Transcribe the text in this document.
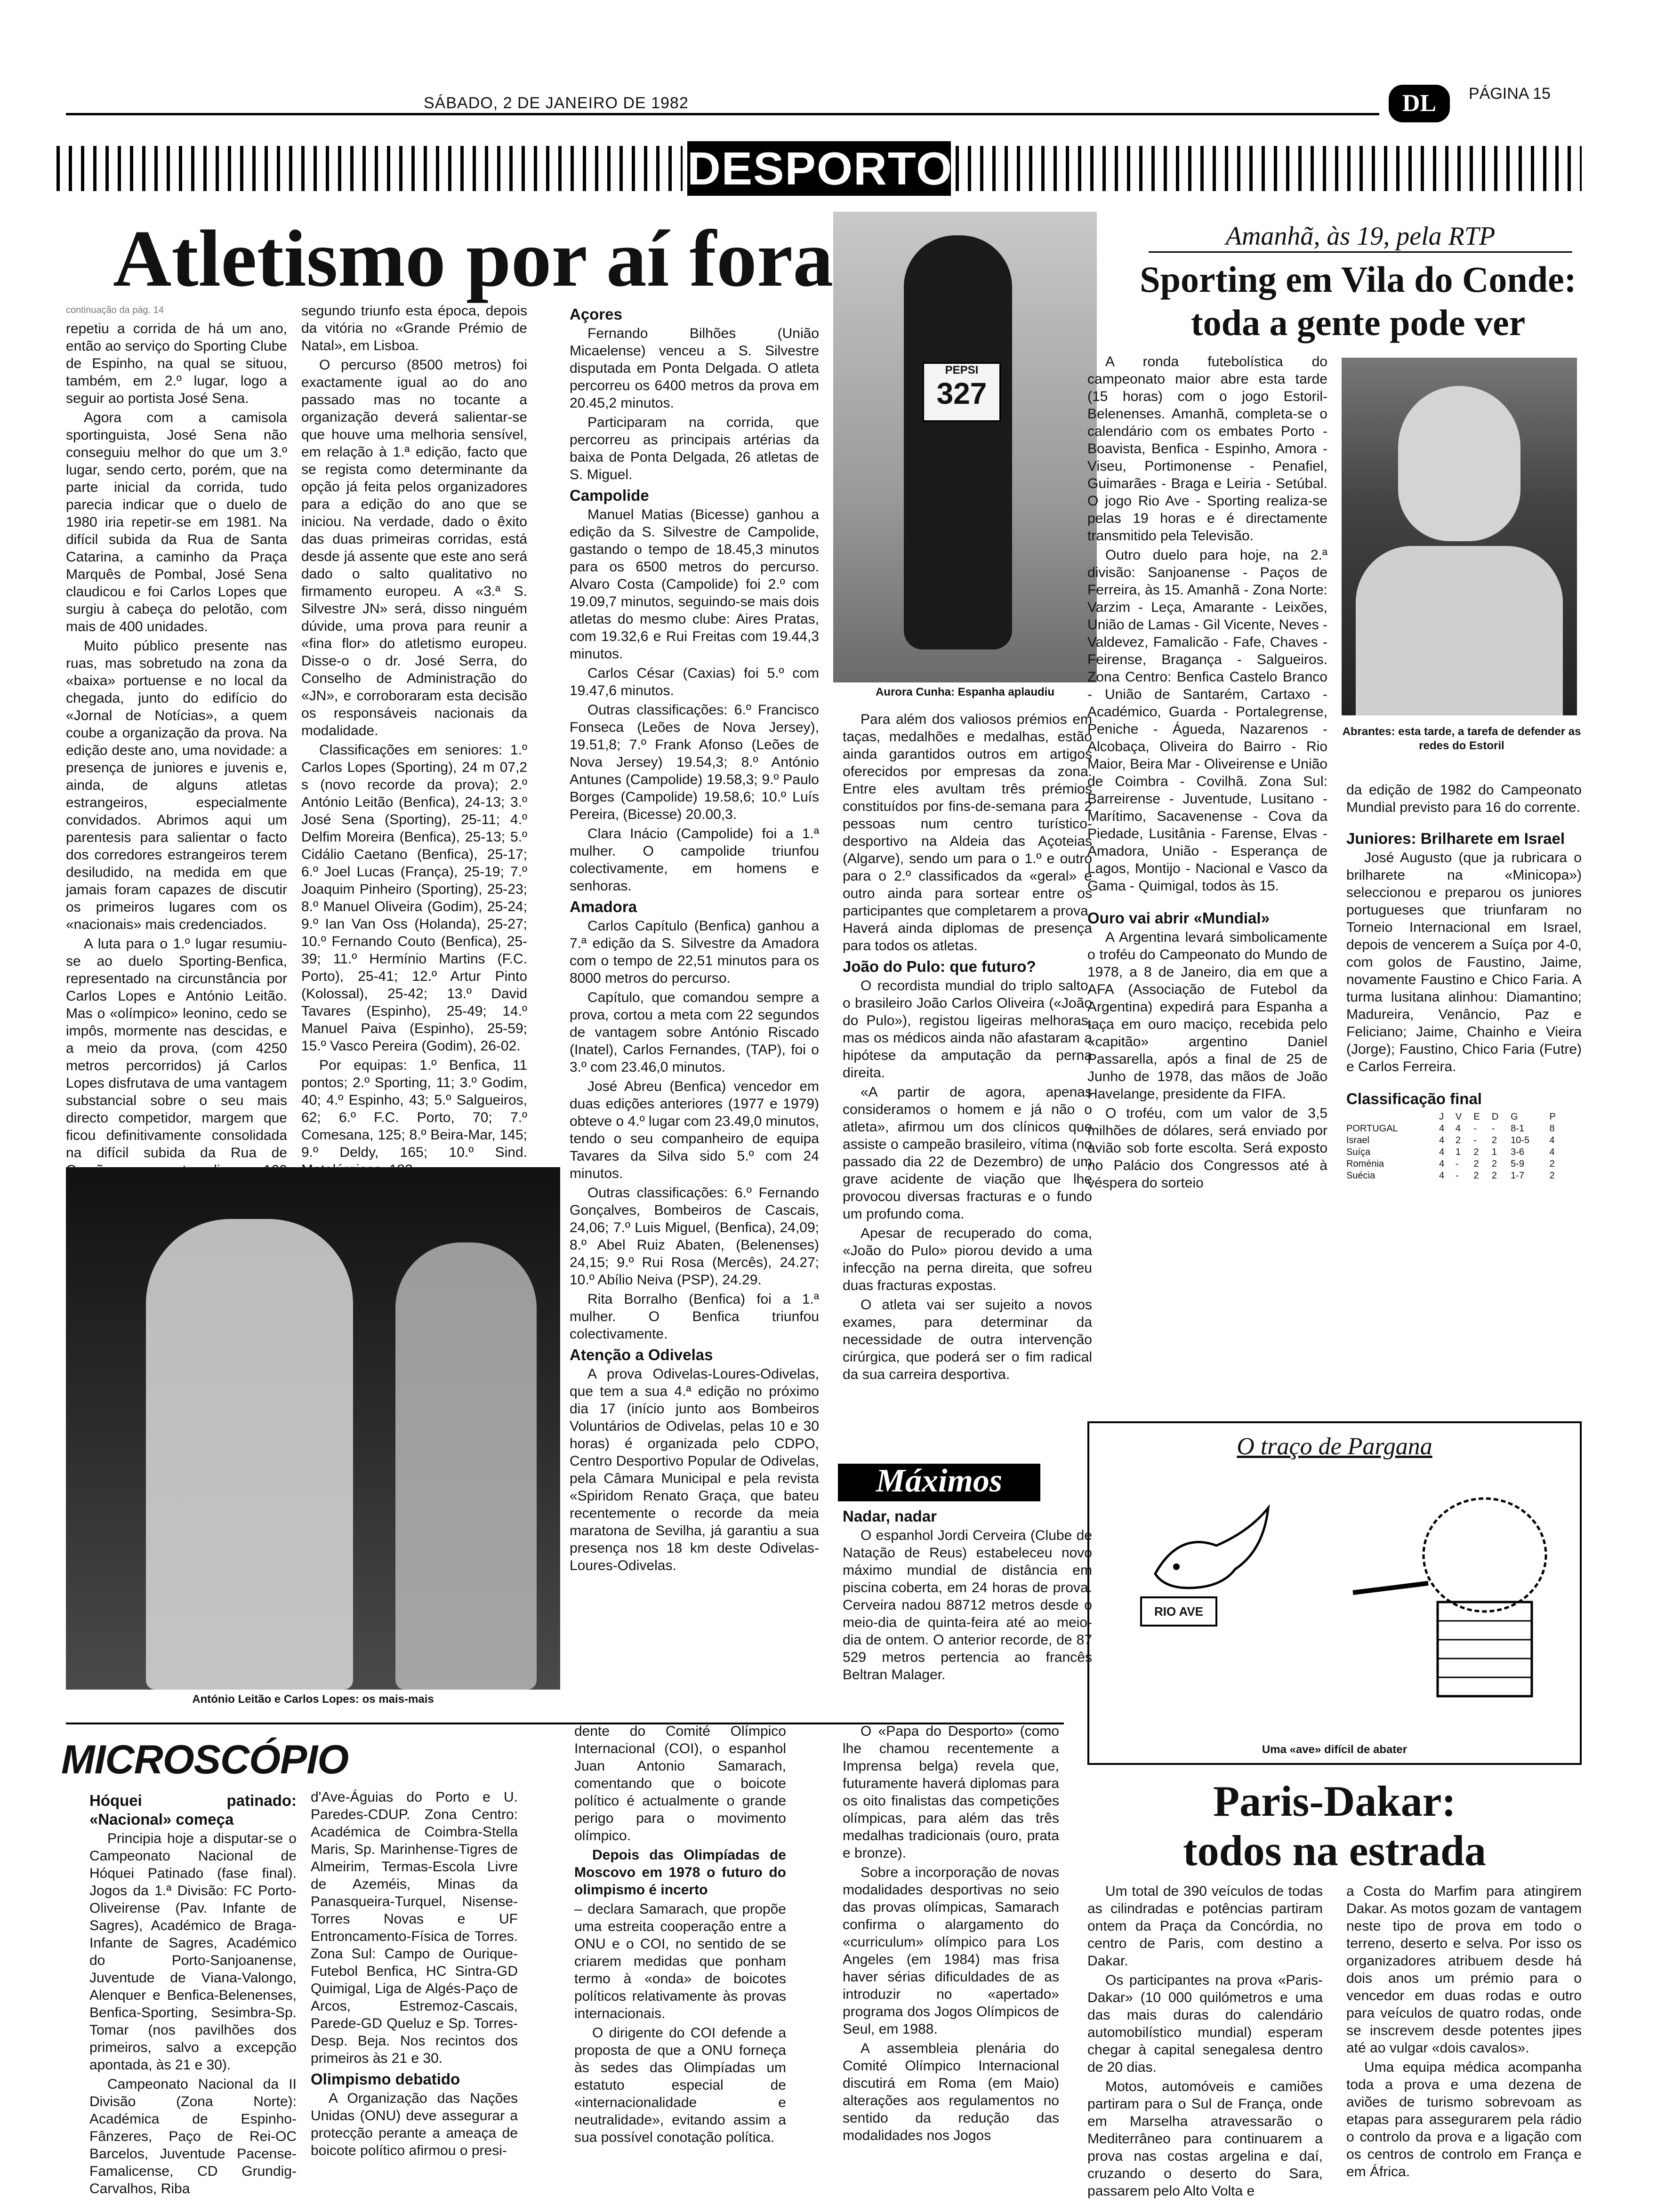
SÁBADO, 2 DE JANEIRO DE 1982	DL	PÁGINA 15
DESPORTO
Atletismo por aí fora
continuação da pág. 14

repetiu a corrida de há um ano, então ao serviço do Sporting Clube de Espinho, na qual se situou, também, em 2.º lugar, logo a seguir ao portista José Sena.

Agora com a camisola sportinguista, José Sena não conseguiu melhor do que um 3.º lugar, sendo certo, porém, que na parte inicial da corrida, tudo parecia indicar que o duelo de 1980 iria repetir-se em 1981. Na difícil subida da Rua de Santa Catarina, a caminho da Praça Marquês de Pombal, José Sena claudicou e foi Carlos Lopes que surgiu à cabeça do pelotão, com mais de 400 unidades.

Muito público presente nas ruas, mas sobretudo na zona da «baixa» portuense e no local da chegada, junto do edifício do «Jornal de Notícias», a quem coube a organização da prova. Na edição deste ano, uma novidade: a presença de juniores e juvenis e, ainda, de alguns atletas estrangeiros, especialmente convidados. Abrimos aqui um parentesis para salientar o facto dos corredores estrangeiros terem desiludido, na medida em que jamais foram capazes de discutir os primeiros lugares com os «nacionais» mais credenciados.

A luta para o 1.º lugar resumiu-se ao duelo Sporting-Benfica, representado na circunstância por Carlos Lopes e António Leitão. Mas o «olímpico» leonino, cedo se impôs, mormente nas descidas, e a meio da prova, (com 4250 metros percorridos) já Carlos Lopes disfrutava de uma vantagem substancial sobre o seu mais directo competidor, margem que ficou definitivamente consolidada na difícil subida da Rua de

segundo triunfo esta época, depois da vitória no «Grande Prémio de Natal», em Lisboa.

O percurso (8500 metros) foi exactamente igual ao do ano passado mas no tocante a organização deverá salientar-se que houve uma melhoria sensível, em relação à 1.ª edição, facto que se regista como determinante da opção já feita pelos organizadores para a edição do ano que se iniciou. Na verdade, dado o êxito das duas primeiras corridas, está desde já assente que este ano será dado o salto qualitativo no firmamento europeu. A «3.ª S. Silvestre JN» será, disso ninguém dúvide, uma prova para reunir a «fina flor» do atletismo europeu. Disse-o o dr. José Serra, do Conselho de Administração do «JN», e corroboraram esta decisão os responsáveis nacionais da modalidade.

Classificações em seniores: 1.º Carlos Lopes (Sporting), 24 m 07,2 s (novo recorde da prova); 2.º António Leitão (Benfica), 24-13; 3.º José Sena (Sporting), 25-11; 4.º Delfim Moreira (Benfica), 25-13; 5.º Cidálio Caetano (Benfica), 25-17; 6.º Joel Lucas (França), 25-19; 7.º Joaquim Pinheiro (Sporting), 25-23; 8.º Manuel Oliveira (Godim), 25-24; 9.º Ian Van Oss (Holanda), 25-27; 10.º Fernando Couto (Benfica), 25-39; 11.º Hermínio Martins (F.C. Porto), 25-41; 12.º Artur Pinto (Kolossal), 25-42; 13.º David Tavares (Espinho), 25-49; 14.º Manuel Paiva (Espinho), 25-59; 15.º Vasco Pereira (Godim), 26-02.

Por equipas: 1.º Benfica, 11 pontos; 2.º Sporting, 11; 3.º Godim, 40; 4.º Espinho, 43; 5.º Salgueiros, 62; 6.º F.C. Porto, 70; 7.º Comesana, 125; 8.º Beira-Mar, 145; 9.º Deldy, 165; 10.º Sind.

Açores

Fernando Bilhões (União Micaelense) venceu a S. Silvestre disputada em Ponta Delgada. O atleta percorreu os 6400 metros da prova em 20.45,2 minutos.

Participaram na corrida, que percorreu as principais artérias da baixa de Ponta Delgada, 26 atletas de S. Miguel.

Campolide

Manuel Matias (Bicesse) ganhou a edição da S. Silvestre de Campolide, gastando o tempo de 18.45,3 minutos para os 6500 metros do percurso. Alvaro Costa (Campolide) foi 2.º com 19.09,7 minutos, seguindo-se mais dois atletas do mesmo clube: Aires Pratas, com 19.32,6 e Rui Freitas com 19.44,3 minutos.

Carlos César (Caxias) foi 5.º com 19.47,6 minutos.

Outras classificações: 6.º Francisco Fonseca (Leões de Nova Jersey), 19.51,8; 7.º Frank Afonso (Leões de Nova Jersey) 19.54,3; 8.º António Antunes (Campolide) 19.58,3; 9.º Paulo Borges (Campolide) 19.58,6; 10.º Luís Pereira, (Bicesse) 20.00,3.

Clara Inácio (Campolide) foi a 1.ª mulher. O campolide triunfou colectivamente, em homens e senhoras.

Amadora

Carlos Capítulo (Benfica) ganhou a 7.ª edição da S. Silvestre da Amadora com o tempo de 22,51 minutos para os 8000 metros do percurso.

Capítulo, que comandou sempre a prova, cortou a meta com 22 segundos de vantagem sobre António Riscado (Inatel), Carlos Fernandes, (TAP), foi o 3.º com 23.46,0 minutos.

José Abreu (Benfica) vencedor em duas edições anteriores (1977 e 1979) obteve o 4.º lugar com 23.49,0 minutos, tendo o seu companheiro de equipa Tavares da Silva sido 5.º com 24 minutos.

Outras classificações: 6.º Fernando Gonçalves, Bombeiros de Cascais, 24,06; 7.º Luis Miguel, (Benfica), 24,09; 8.º Abel Ruiz Abaten, (Belenenses) 24,15; 9.º Rui Rosa (Mercês), 24.27; 10.º Abílio Neiva (PSP), 24.29.

Rita Borralho (Benfica) foi a 1.ª mulher. O Benfica triunfou colectivamente.

Atenção a Odivelas

A prova Odivelas-Loures-Odivelas, que tem a sua 4.ª edição no próximo dia 17 (início junto aos Bombeiros Voluntários de Odivelas, pelas 10 e 30 horas) é organizada pelo CDPO, Centro Desportivo Popular de Odivelas, pela Câmara Municipal e pela revista «Spiridom Renato Graça, que bateu recentemente o recorde da meia maratona de Sevilha, já garantiu a sua presença nos 18 km deste Odivelas-Loures-Odivelas.

PEPSI
327
Aurora Cunha: Espanha aplaudiu

Para além dos valiosos prémios em taças, medalhões e medalhas, estão ainda garantidos outros em artigos oferecidos por empresas da zona. Entre eles avultam três prémios constituídos por fins-de-semana para 2 pessoas num centro turístico-desportivo na Aldeia das Açoteias (Algarve), sendo um para o 1.º e outro para o 2.º classificados da «geral» e outro ainda para sortear entre os participantes que completarem a prova. Haverá ainda diplomas de presença para todos os atletas.

João do Pulo: que futuro?

O recordista mundial do triplo salto, o brasileiro João Carlos Oliveira («João do Pulo»), registou ligeiras melhoras, mas os médicos ainda não afastaram a hipótese da amputação da perna direita.

«A partir de agora, apenas consideramos o homem e já não o atleta», afirmou um dos clínicos que assiste o campeão brasileiro, vítima (no passado dia 22 de Dezembro) de um grave acidente de viação que lhe provocou diversas fracturas e o fundo um profundo coma.

Apesar de recuperado do coma, «João do Pulo» piorou devido a uma infecção na perna direita, que sofreu duas fracturas expostas.

O atleta vai ser sujeito a novos exames, para determinar da necessidade de outra intervenção cirúrgica, que poderá ser o fim radical da sua carreira desportiva.

António Leitão e Carlos Lopes: os mais-mais
Amanhã, às 19, pela RTP
Sporting em Vila do Conde: toda a gente pode ver

A ronda futebolística do campeonato maior abre esta tarde (15 horas) com o jogo Estoril-Belenenses. Amanhã, completa-se o calendário com os embates Porto - Boavista, Benfica - Espinho, Amora - Viseu, Portimonense - Penafiel, Guimarães - Braga e Leiria - Setúbal. O jogo Rio Ave - Sporting realiza-se pelas 19 horas e é directamente transmitido pela Televisão.

Outro duelo para hoje, na 2.ª divisão: Sanjoanense - Paços de Ferreira, às 15. Amanhã - Zona Norte: Varzim - Leça, Amarante - Leixões, União de Lamas - Gil Vicente, Neves - Valdevez, Famalicão - Fafe, Chaves - Feirense, Bragança - Salgueiros. Zona Centro: Benfica Castelo Branco - União de Santarém, Cartaxo - Académico, Guarda - Portalegrense, Peniche - Águeda, Nazarenos - Alcobaça, Oliveira do Bairro - Rio Maior, Beira Mar - Oliveirense e União de Coimbra - Covilhã. Zona Sul: Barreirense - Juventude, Lusitano - Marítimo, Sacavenense - Cova da Piedade, Lusitânia - Farense, Elvas - Amadora, União - Esperança de Lagos, Montijo - Nacional e Vasco da Gama - Quimigal, todos às 15.

Ouro vai abrir «Mundial»

A Argentina levará simbolicamente o troféu do Campeonato do Mundo de 1978, a 8 de Janeiro, dia em que a AFA (Associação de Futebol da Argentina) expedirá para Espanha a taça em ouro maciço, recebida pelo «capitão» argentino Daniel Passarella, após a final de 25 de Junho de 1978, das mãos de João Havelange, presidente da FIFA.

O troféu, com um valor de 3,5 milhões de dólares, será enviado por avião sob forte escolta. Será exposto no Palácio dos Congressos até à véspera do sorteio

Abrantes: esta tarde, a tarefa de defender as redes do Estoril

da edição de 1982 do Campeonato Mundial previsto para 16 do corrente.

Juniores: Brilharete em Israel

José Augusto (que ja rubricara o brilharete na «Minicopa») seleccionou e preparou os juniores portugueses que triunfaram no Torneio Internacional em Israel, depois de vencerem a Suíça por 4-0, com golos de Faustino, Jaime, novamente Faustino e Chico Faria. A turma lusitana alinhou: Diamantino; Madureira, Venâncio, Paz e Feliciano; Jaime, Chainho e Vieira (Jorge); Faustino, Chico Faria (Futre) e Carlos Ferreira.

Classificação final
	J	V	E	D	G	P
PORTUGAL	4	4	-	-	8-1	8
Israel	4	2	-	2	10-5	4
Suíça	4	1	2	1	3-6	4
Roménia	4	-	2	2	5-9	2
Suécia	4	-	2	2	1-7	2
O traço de Pargana
RIO AVE
Uma «ave» difícil de abater
Máximos
Nadar, nadar

O espanhol Jordi Cerveira (Clube de Natação de Reus) estabeleceu novo máximo mundial de distância em piscina coberta, em 24 horas de prova. Cerveira nadou 88712 metros desde o meio-dia de quinta-feira até ao meio-dia de ontem. O anterior recorde, de 87 529 metros pertencia ao francês Beltran Malager.

MICROSCÓPIO
Hóquei patinado: «Nacional» começa

Principia hoje a disputar-se o Campeonato Nacional de Hóquei Patinado (fase final). Jogos da 1.ª Divisão: FC Porto-Oliveirense (Pav. Infante de Sagres), Académico de Braga-Infante de Sagres, Académico do Porto-Sanjoanense, Juventude de Viana-Valongo, Alenquer e Benfica-Belenenses, Benfica-Sporting, Sesimbra-Sp. Tomar (nos pavilhões dos primeiros, salvo a excepção apontada, às 21 e 30).

Campeonato Nacional da II Divisão (Zona Norte): Académica de Espinho-Fânzeres, Paço de Rei-OC Barcelos, Juventude Pacense-Famalicense, CD Grundig-Carvalhos, Riba

d'Ave-Águias do Porto e U. Paredes-CDUP. Zona Centro: Académica de Coimbra-Stella Maris, Sp. Marinhense-Tigres de Almeirim, Termas-Escola Livre de Azeméis, Minas da Panasqueira-Turquel, Nisense-Torres Novas e UF Entroncamento-Física de Torres. Zona Sul: Campo de Ourique-Futebol Benfica, HC Sintra-GD Quimigal, Liga de Algés-Paço de Arcos, Estremoz-Cascais, Parede-GD Queluz e Sp. Torres-Desp. Beja. Nos recintos dos primeiros às 21 e 30.

Olimpismo debatido

A Organização das Nações Unidas (ONU) deve assegurar a protecção perante a ameaça de boicote político afirmou o presi-

dente do Comité Olímpico Internacional (COI), o espanhol Juan Antonio Samarach, comentando que o boicote político é actualmente o grande perigo para o movimento olímpico.

Depois das Olimpíadas de Moscovo em 1978 o futuro do olimpismo é incerto

– declara Samarach, que propõe uma estreita cooperação entre a ONU e o COI, no sentido de se criarem medidas que ponham termo à «onda» de boicotes políticos relativamente às provas internacionais.

O dirigente do COI defende a proposta de que a ONU forneça às sedes das Olimpíadas um estatuto especial de «internacionalidade e neutralidade», evitando assim a sua possível conotação política.

O «Papa do Desporto» (como lhe chamou recentemente a Imprensa belga) revela que, futuramente haverá diplomas para os oito finalistas das competições olímpicas, para além das três medalhas tradicionais (ouro, prata e bronze).

Sobre a incorporação de novas modalidades desportivas no seio das provas olímpicas, Samarach confirma o alargamento do «curriculum» olímpico para Los Angeles (em 1984) mas frisa haver sérias dificuldades de as introduzir no «apertado» programa dos Jogos Olímpicos de Seul, em 1988.

A assembleia plenária do Comité Olímpico Internacional discutirá em Roma (em Maio) alterações aos regulamentos no sentido da redução das modalidades nos Jogos

Paris-Dakar:
todos na estrada

Um total de 390 veículos de todas as cilindradas e potências partiram ontem da Praça da Concórdia, no centro de Paris, com destino a Dakar.

Os participantes na prova «Paris-Dakar» (10 000 quilómetros e uma das mais duras do calendário automobilístico mundial) esperam chegar à capital senegalesa dentro de 20 dias.

Motos, automóveis e camiões partiram para o Sul de França, onde em Marselha atravessarão o Mediterrâneo para continuarem a prova nas costas argelina e daí, cruzando o deserto do Sara, passarem pelo Alto Volta e

a Costa do Marfim para atingirem Dakar. As motos gozam de vantagem neste tipo de prova em todo o terreno, deserto e selva. Por isso os organizadores atribuem desde há dois anos um prémio para o vencedor em duas rodas e outro para veículos de quatro rodas, onde se inscrevem desde potentes jipes até ao vulgar «dois cavalos».

Uma equipa médica acompanha toda a prova e uma dezena de aviões de turismo sobrevoam as etapas para assegurarem pela rádio o controlo da prova e a ligação com os centros de controlo em França e em África.
